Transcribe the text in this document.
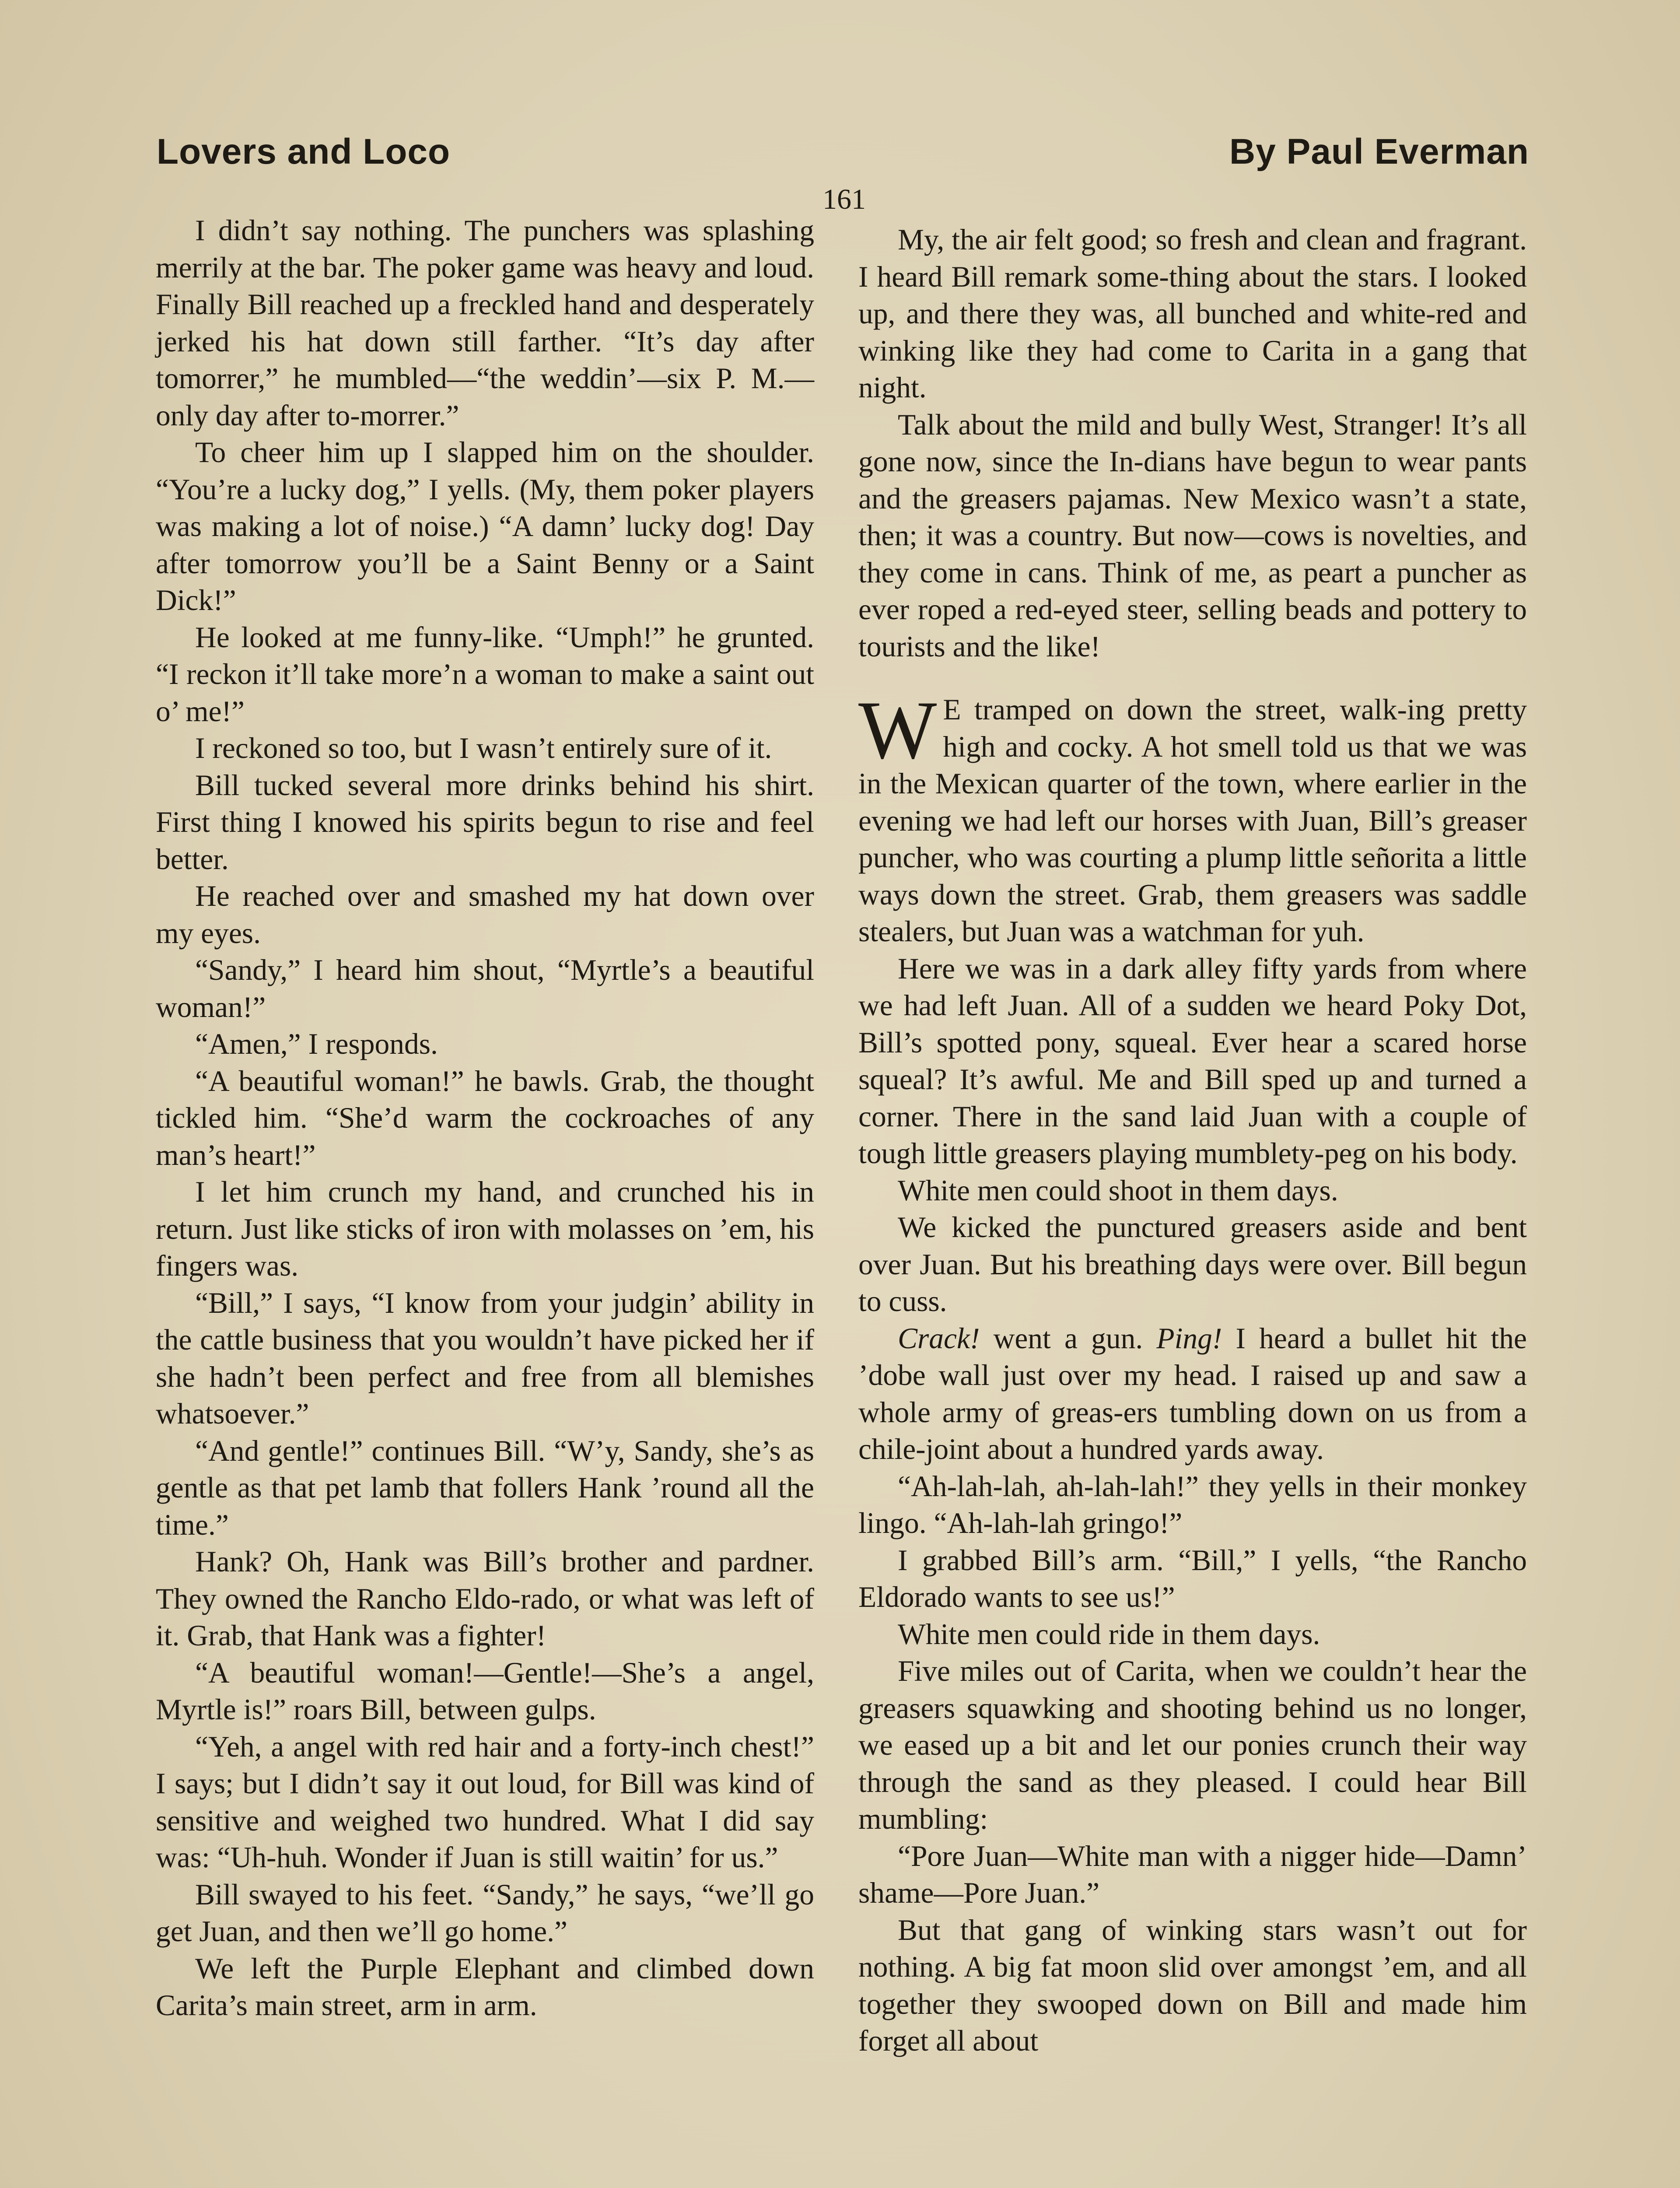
Lovers and Loco	By Paul Everman
161

I didn’t say nothing. The punchers was splashing merrily at the bar. The poker game was heavy and loud. Finally Bill reached up a freckled hand and desperately jerked his hat down still farther. “It’s day after tomorrer,” he mumbled—“the weddin’—six P. M.—only day after to-morrer.”

To cheer him up I slapped him on the shoulder. “You’re a lucky dog,” I yells. (My, them poker players was making a lot of noise.) “A damn’ lucky dog! Day after tomorrow you’ll be a Saint Benny or a Saint Dick!”

He looked at me funny-like. “Umph!” he grunted. “I reckon it’ll take more’n a woman to make a saint out o’ me!”

I reckoned so too, but I wasn’t entirely sure of it.

Bill tucked several more drinks behind his shirt. First thing I knowed his spirits begun to rise and feel better.

He reached over and smashed my hat down over my eyes.

“Sandy,” I heard him shout, “Myrtle’s a beautiful woman!”

“Amen,” I responds.

“A beautiful woman!” he bawls. Grab, the thought tickled him. “She’d warm the cockroaches of any man’s heart!”

I let him crunch my hand, and crunched his in return. Just like sticks of iron with molasses on ’em, his fingers was.

“Bill,” I says, “I know from your judgin’ ability in the cattle business that you wouldn’t have picked her if she hadn’t been perfect and free from all blemishes whatsoever.”

“And gentle!” continues Bill. “W’y, Sandy, she’s as gentle as that pet lamb that follers Hank ’round all the time.”

Hank? Oh, Hank was Bill’s brother and pardner. They owned the Rancho Eldo-rado, or what was left of it. Grab, that Hank was a fighter!

“A beautiful woman!—Gentle!—She’s a angel, Myrtle is!” roars Bill, between gulps.

“Yeh, a angel with red hair and a forty-inch chest!” I says; but I didn’t say it out loud, for Bill was kind of sensitive and weighed two hundred. What I did say was: “Uh-huh. Wonder if Juan is still waitin’ for us.”

Bill swayed to his feet. “Sandy,” he says, “we’ll go get Juan, and then we’ll go home.”

We left the Purple Elephant and climbed down Carita’s main street, arm in arm.

My, the air felt good; so fresh and clean and fragrant. I heard Bill remark some-thing about the stars. I looked up, and there they was, all bunched and white-red and winking like they had come to Carita in a gang that night.

Talk about the mild and bully West, Stranger! It’s all gone now, since the In-dians have begun to wear pants and the greasers pajamas. New Mexico wasn’t a state, then; it was a country. But now—cows is novelties, and they come in cans. Think of me, as peart a puncher as ever roped a red-eyed steer, selling beads and pottery to tourists and the like!

W E tramped on down the street, walk-ing pretty high and cocky. A hot smell told us that we was in the Mexican quarter of the town, where earlier in the evening we had left our horses with Juan, Bill’s greaser puncher, who was courting a plump little señorita a little ways down the street. Grab, them greasers was saddle stealers, but Juan was a watchman for yuh.

Here we was in a dark alley fifty yards from where we had left Juan. All of a sudden we heard Poky Dot, Bill’s spotted pony, squeal. Ever hear a scared horse squeal? It’s awful. Me and Bill sped up and turned a corner. There in the sand laid Juan with a couple of tough little greasers playing mumblety-peg on his body.

White men could shoot in them days.

We kicked the punctured greasers aside and bent over Juan. But his breathing days were over. Bill begun to cuss.

Crack! went a gun. Ping! I heard a bullet hit the ’dobe wall just over my head. I raised up and saw a whole army of greas-ers tumbling down on us from a chile-joint about a hundred yards away.

“Ah-lah-lah, ah-lah-lah!” they yells in their monkey lingo. “Ah-lah-lah gringo!”

I grabbed Bill’s arm. “Bill,” I yells, “the Rancho Eldorado wants to see us!”

White men could ride in them days.

Five miles out of Carita, when we couldn’t hear the greasers squawking and shooting behind us no longer, we eased up a bit and let our ponies crunch their way through the sand as they pleased. I could hear Bill mumbling:

“Pore Juan—White man with a nigger hide—Damn’ shame—Pore Juan.”

But that gang of winking stars wasn’t out for nothing. A big fat moon slid over amongst ’em, and all together they swooped down on Bill and made him forget all about
